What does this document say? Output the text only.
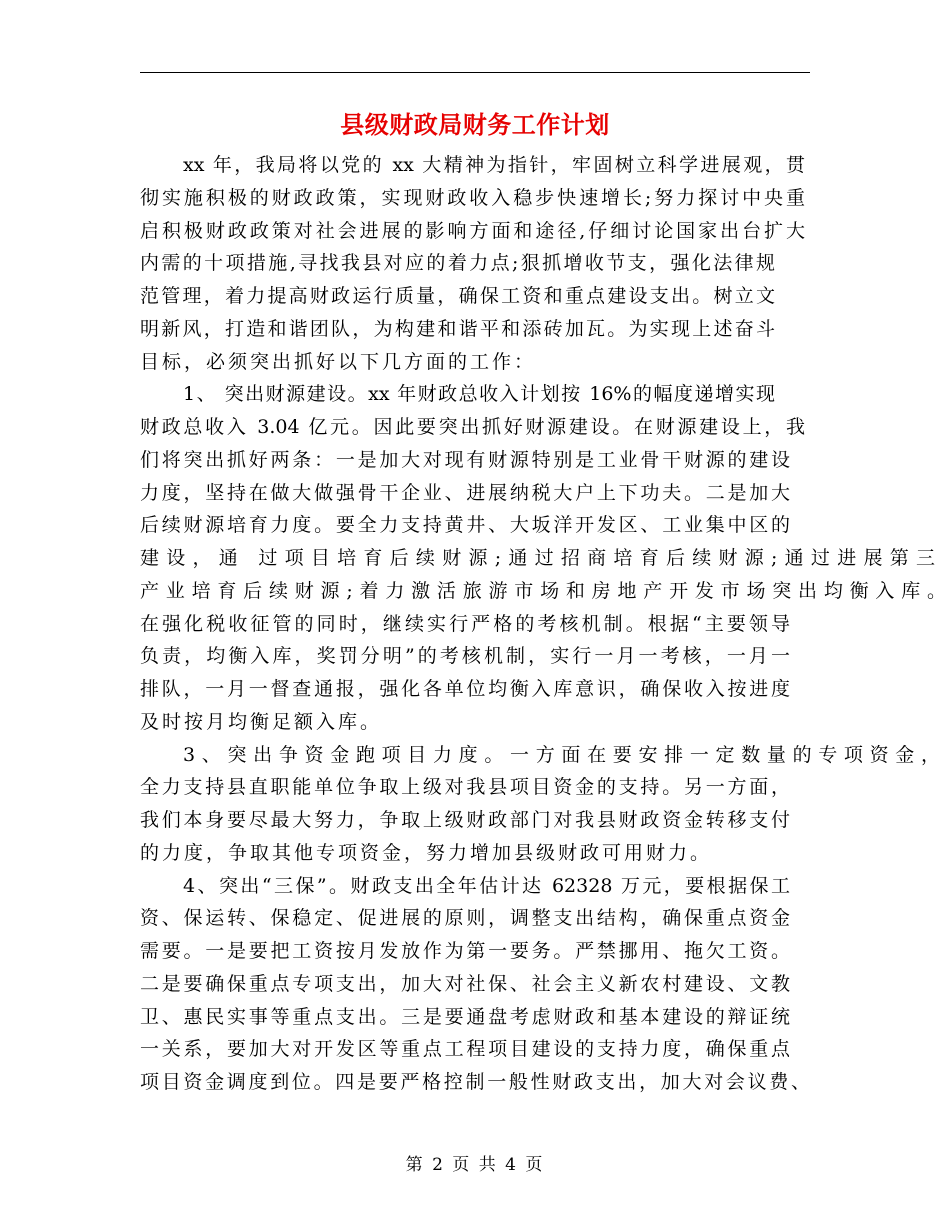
县级财政局财务工作计划
xx 年，我局将以党的 xx 大精神为指针，牢固树立科学进展观，贯
彻实施积极的财政政策，实现财政收入稳步快速增长;努力探讨中央重
启积极财政政策对社会进展的影响方面和途径,仔细讨论国家出台扩大
内需的十项措施,寻找我县对应的着力点;狠抓增收节支，强化法律规
范管理，着力提高财政运行质量，确保工资和重点建设支出。树立文
明新风，打造和谐团队，为构建和谐平和添砖加瓦。为实现上述奋斗
目标，必须突出抓好以下几方面的工作：
1、 突出财源建设。xx 年财政总收入计划按 16%的幅度递增实现
财政总收入 3.04 亿元。因此要突出抓好财源建设。在财源建设上，我
们将突出抓好两条：一是加大对现有财源特别是工业骨干财源的建设
力度，坚持在做大做强骨干企业、进展纳税大户上下功夫。二是加大
后续财源培育力度。要全力支持黄井、大坂洋开发区、工业集中区的
建设，通 过项目培育后续财源;通过招商培育后续财源;通过进展第三
产业培育后续财源;着力激活旅游市场和房地产开发市场突出均衡入库。
在强化税收征管的同时，继续实行严格的考核机制。根据“主要领导
负责，均衡入库，奖罚分明”的考核机制，实行一月一考核，一月一
排队，一月一督查通报，强化各单位均衡入库意识，确保收入按进度
及时按月均衡足额入库。
3、突出争资金跑项目力度。一方面在要安排一定数量的专项资金，
全力支持县直职能单位争取上级对我县项目资金的支持。另一方面，
我们本身要尽最大努力，争取上级财政部门对我县财政资金转移支付
的力度，争取其他专项资金，努力增加县级财政可用财力。
4、突出“三保”。财政支出全年估计达 62328 万元，要根据保工
资、保运转、保稳定、促进展的原则，调整支出结构，确保重点资金
需要。一是要把工资按月发放作为第一要务。严禁挪用、拖欠工资。
二是要确保重点专项支出，加大对社保、社会主义新农村建设、文教
卫、惠民实事等重点支出。三是要通盘考虑财政和基本建设的辩证统
一关系，要加大对开发区等重点工程项目建设的支持力度，确保重点
项目资金调度到位。四是要严格控制一般性财政支出，加大对会议费、
第 2 页 共 4 页
